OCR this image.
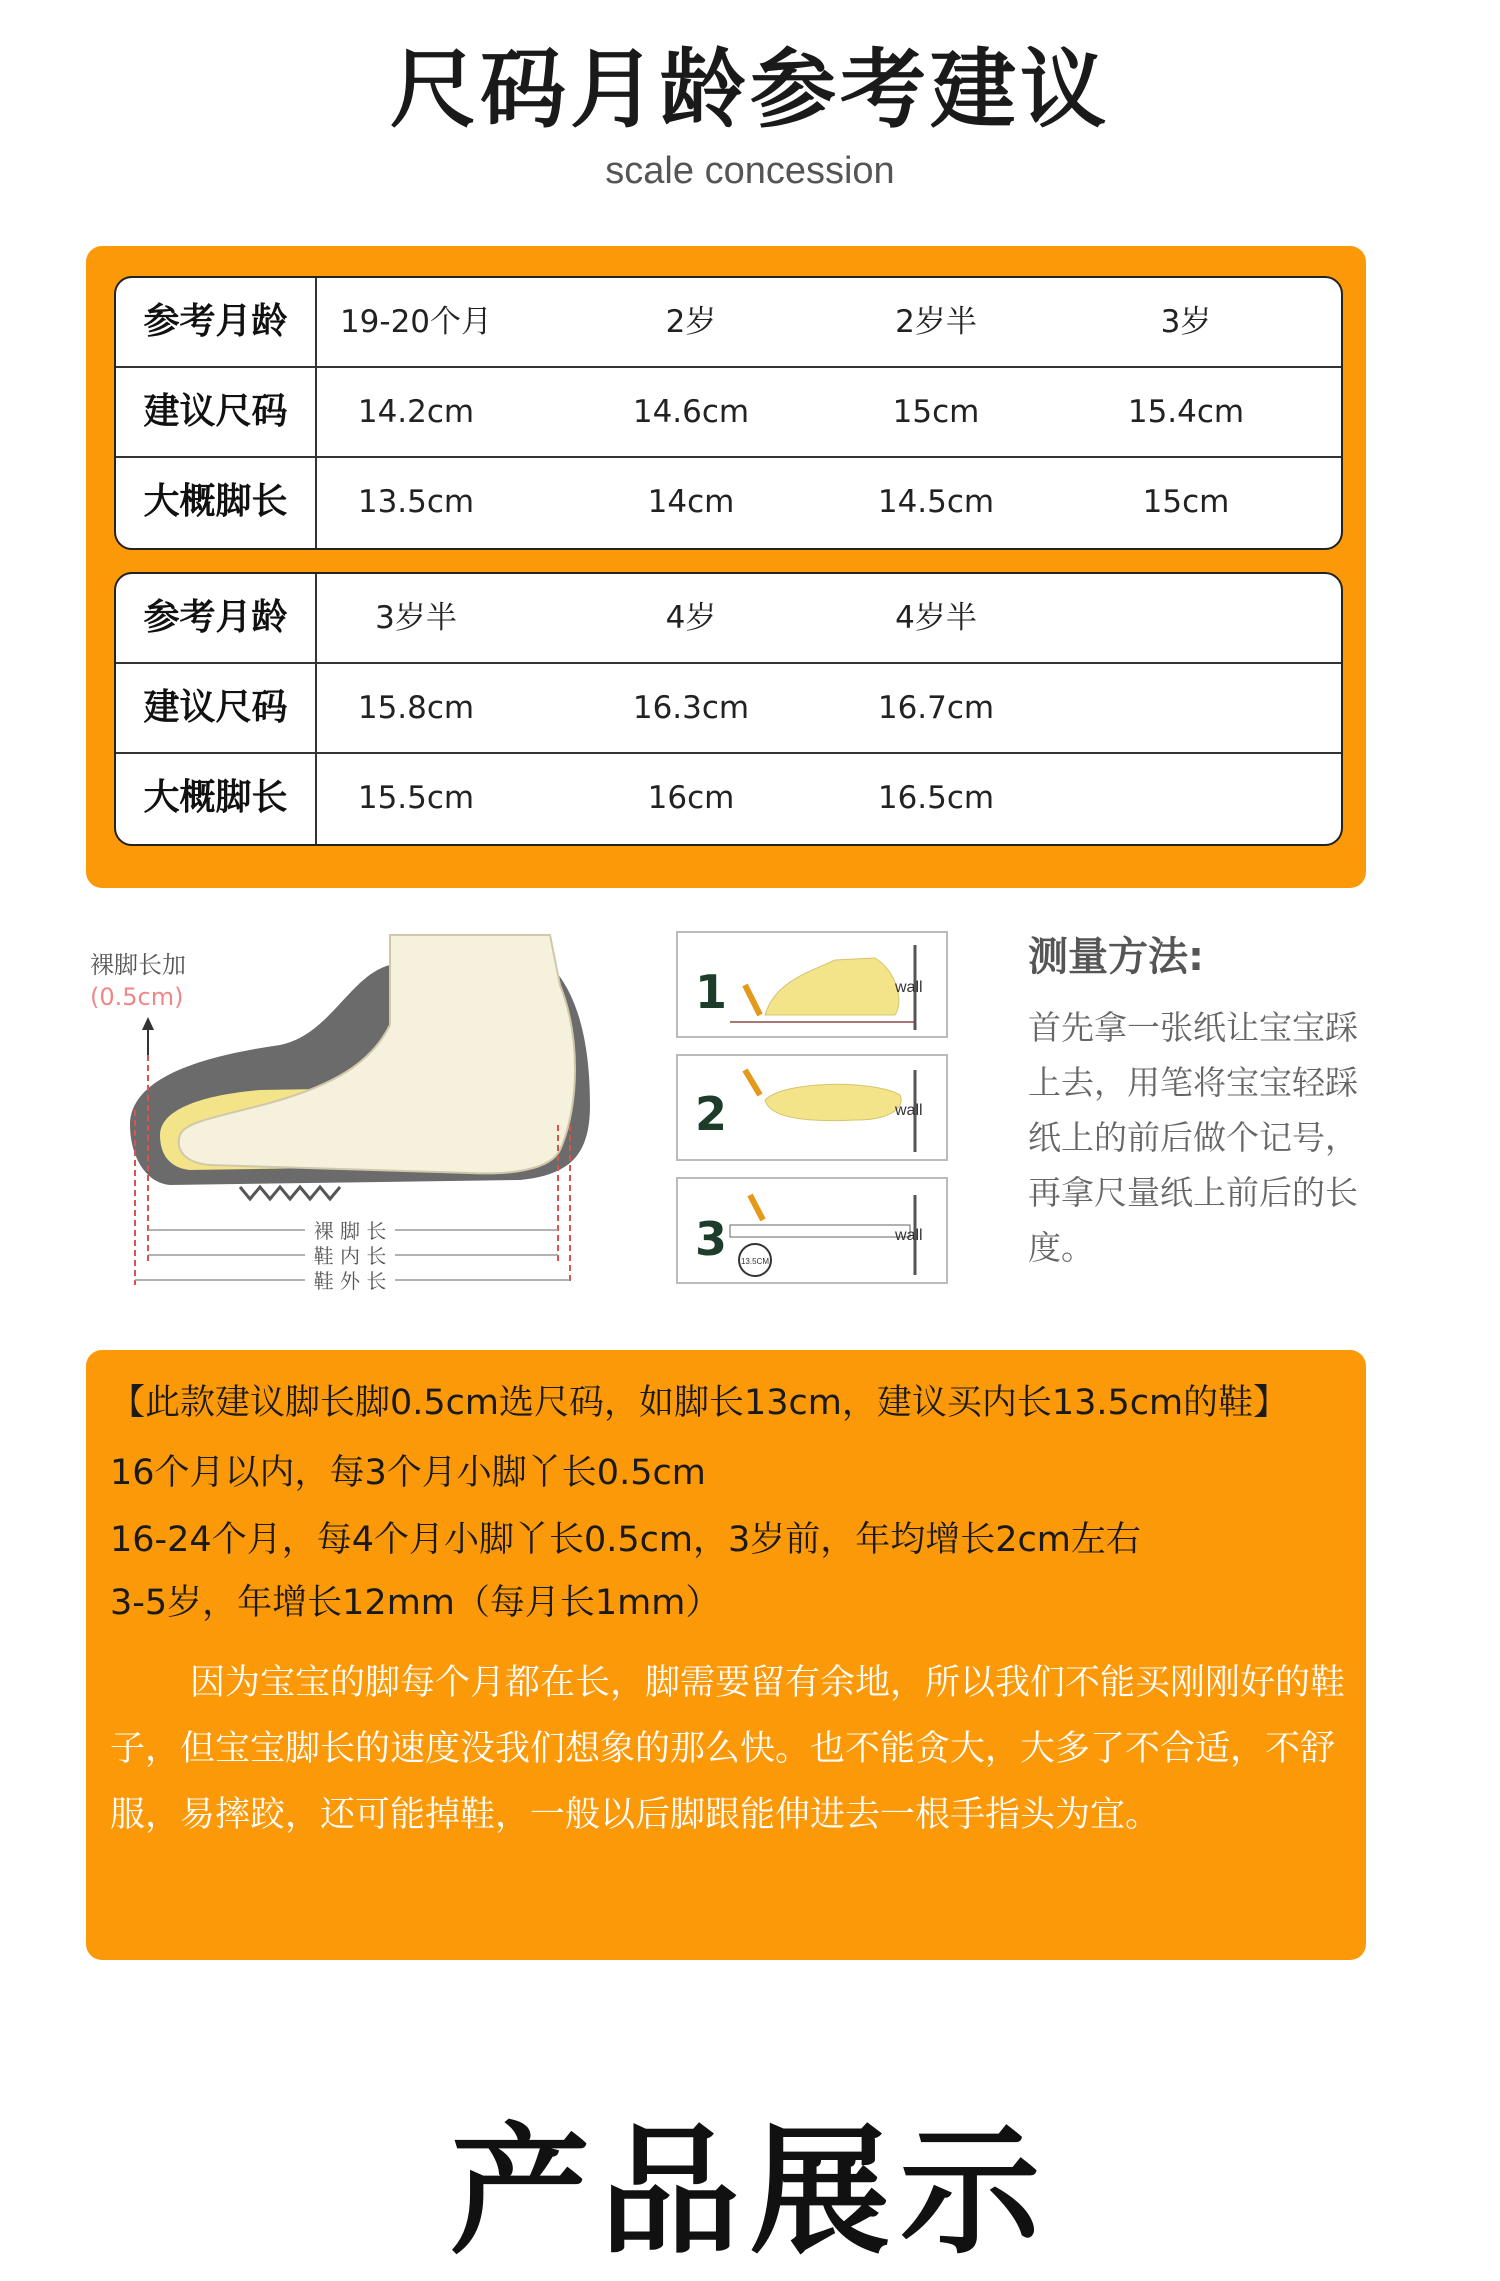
尺码月龄参考建议
scale concession
参考月龄	19-20个月	2岁	2岁半	3岁
建议尺码	14.2cm	14.6cm	15cm	15.4cm
大概脚长	13.5cm	14cm	14.5cm	15cm
参考月龄	3岁半	4岁	4岁半
建议尺码	15.8cm	16.3cm	16.7cm
大概脚长	15.5cm	16cm	16.5cm
裸脚长加
(0.5cm)
裸 脚 长
鞋 内 长
鞋 外 长
1	wall
2	wall
3	wall
13.5CM
测量方法:
首先拿一张纸让宝宝踩上去，用笔将宝宝轻踩纸上的前后做个记号，再拿尺量纸上前后的长度。
【此款建议脚长脚0.5cm选尺码，如脚长13cm，建议买内长13.5cm的鞋】
16个月以内，每3个月小脚丫长0.5cm
16-24个月，每4个月小脚丫长0.5cm，3岁前，年均增长2cm左右
3-5岁，年增长12mm（每月长1mm）
因为宝宝的脚每个月都在长，脚需要留有余地，所以我们不能买刚刚好的鞋子，但宝宝脚长的速度没我们想象的那么快。也不能贪大，大多了不合适，不舒服，易摔跤，还可能掉鞋，一般以后脚跟能伸进去一根手指头为宜。
产品展示
